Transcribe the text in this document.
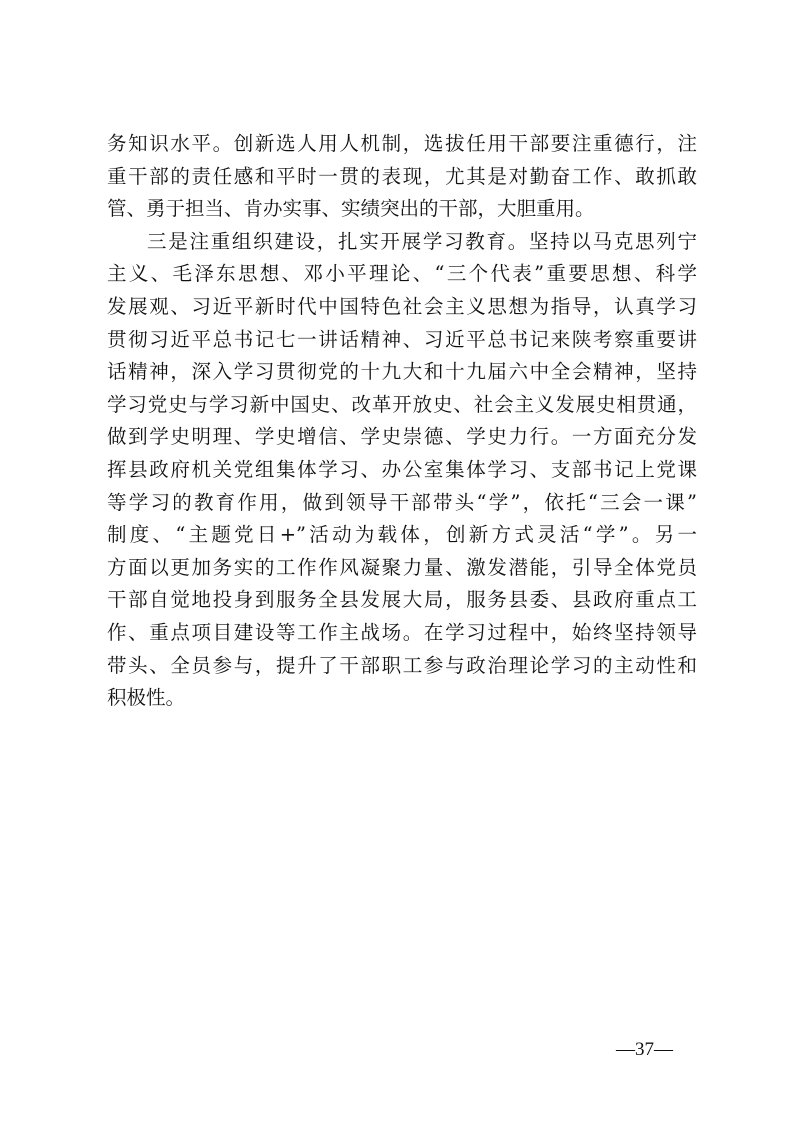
务知识水平。创新选人用人机制，选拔任用干部要注重德行，注
重干部的责任感和平时一贯的表现，尤其是对勤奋工作、敢抓敢
管、勇于担当、肯办实事、实绩突出的干部，大胆重用。
三是注重组织建设，扎实开展学习教育。坚持以马克思列宁
主义、毛泽东思想、邓小平理论、“三个代表”重要思想、科学
发展观、习近平新时代中国特色社会主义思想为指导，认真学习
贯彻习近平总书记七一讲话精神、习近平总书记来陕考察重要讲
话精神，深入学习贯彻党的十九大和十九届六中全会精神，坚持
学习党史与学习新中国史、改革开放史、社会主义发展史相贯通，
做到学史明理、学史增信、学史崇德、学史力行。一方面充分发
挥县政府机关党组集体学习、办公室集体学习、支部书记上党课
等学习的教育作用，做到领导干部带头“学”，依托“三会一课”
制度、“主题党日+”活动为载体，创新方式灵活“学”。另一
方面以更加务实的工作作风凝聚力量、激发潜能，引导全体党员
干部自觉地投身到服务全县发展大局，服务县委、县政府重点工
作、重点项目建设等工作主战场。在学习过程中，始终坚持领导
带头、全员参与，提升了干部职工参与政治理论学习的主动性和
积极性。
—37—
